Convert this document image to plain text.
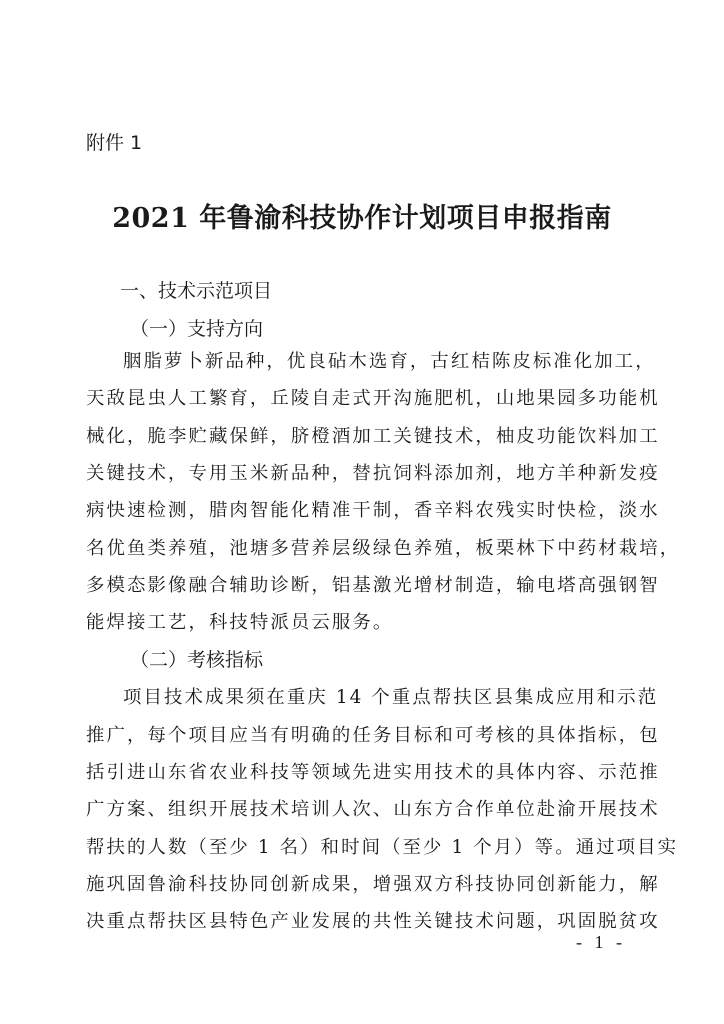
附件 1
2021 年鲁渝科技协作计划项目申报指南
一、技术示范项目
（一）支持方向
胭脂萝卜新品种，优良砧木选育，古红桔陈皮标准化加工，
天敌昆虫人工繁育，丘陵自走式开沟施肥机，山地果园多功能机
械化，脆李贮藏保鲜，脐橙酒加工关键技术，柚皮功能饮料加工
关键技术，专用玉米新品种，替抗饲料添加剂，地方羊种新发疫
病快速检测，腊肉智能化精准干制，香辛料农残实时快检，淡水
名优鱼类养殖，池塘多营养层级绿色养殖，板栗林下中药材栽培，
多模态影像融合辅助诊断，铝基激光增材制造，输电塔高强钢智
能焊接工艺，科技特派员云服务。
（二）考核指标
项目技术成果须在重庆 14 个重点帮扶区县集成应用和示范
推广，每个项目应当有明确的任务目标和可考核的具体指标，包
括引进山东省农业科技等领域先进实用技术的具体内容、示范推
广方案、组织开展技术培训人次、山东方合作单位赴渝开展技术
帮扶的人数（至少 1 名）和时间（至少 1 个月）等。通过项目实
施巩固鲁渝科技协同创新成果，增强双方科技协同创新能力，解
决重点帮扶区县特色产业发展的共性关键技术问题，巩固脱贫攻
- 1 -
